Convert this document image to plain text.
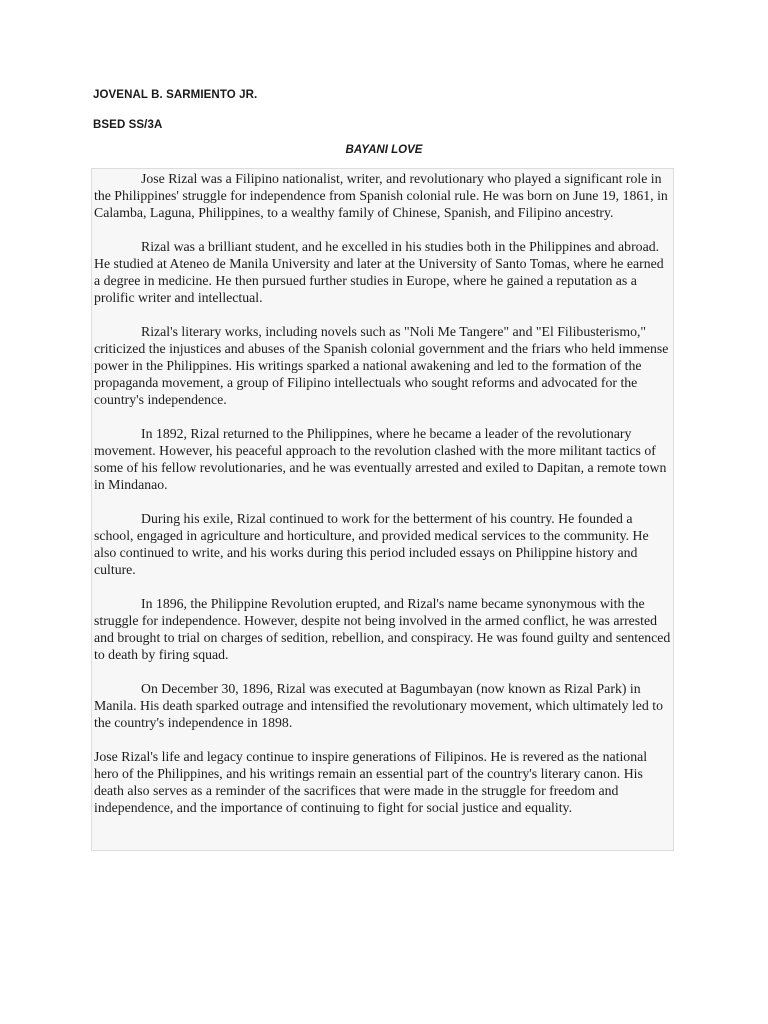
JOVENAL B. SARMIENTO JR.

BSED SS/3A

BAYANI LOVE

Jose Rizal was a Filipino nationalist, writer, and revolutionary who played a significant role in the Philippines' struggle for independence from Spanish colonial rule. He was born on June 19, 1861, in Calamba, Laguna, Philippines, to a wealthy family of Chinese, Spanish, and Filipino ancestry.

Rizal was a brilliant student, and he excelled in his studies both in the Philippines and abroad. He studied at Ateneo de Manila University and later at the University of Santo Tomas, where he earned a degree in medicine. He then pursued further studies in Europe, where he gained a reputation as a prolific writer and intellectual.

Rizal's literary works, including novels such as "Noli Me Tangere" and "El Filibusterismo," criticized the injustices and abuses of the Spanish colonial government and the friars who held immense power in the Philippines. His writings sparked a national awakening and led to the formation of the propaganda movement, a group of Filipino intellectuals who sought reforms and advocated for the country's independence.

In 1892, Rizal returned to the Philippines, where he became a leader of the revolutionary movement. However, his peaceful approach to the revolution clashed with the more militant tactics of some of his fellow revolutionaries, and he was eventually arrested and exiled to Dapitan, a remote town in Mindanao.

During his exile, Rizal continued to work for the betterment of his country. He founded a school, engaged in agriculture and horticulture, and provided medical services to the community. He also continued to write, and his works during this period included essays on Philippine history and culture.

In 1896, the Philippine Revolution erupted, and Rizal's name became synonymous with the struggle for independence. However, despite not being involved in the armed conflict, he was arrested and brought to trial on charges of sedition, rebellion, and conspiracy. He was found guilty and sentenced to death by firing squad.

On December 30, 1896, Rizal was executed at Bagumbayan (now known as Rizal Park) in Manila. His death sparked outrage and intensified the revolutionary movement, which ultimately led to the country's independence in 1898.

Jose Rizal's life and legacy continue to inspire generations of Filipinos. He is revered as the national hero of the Philippines, and his writings remain an essential part of the country's literary canon. His death also serves as a reminder of the sacrifices that were made in the struggle for freedom and independence, and the importance of continuing to fight for social justice and equality.
